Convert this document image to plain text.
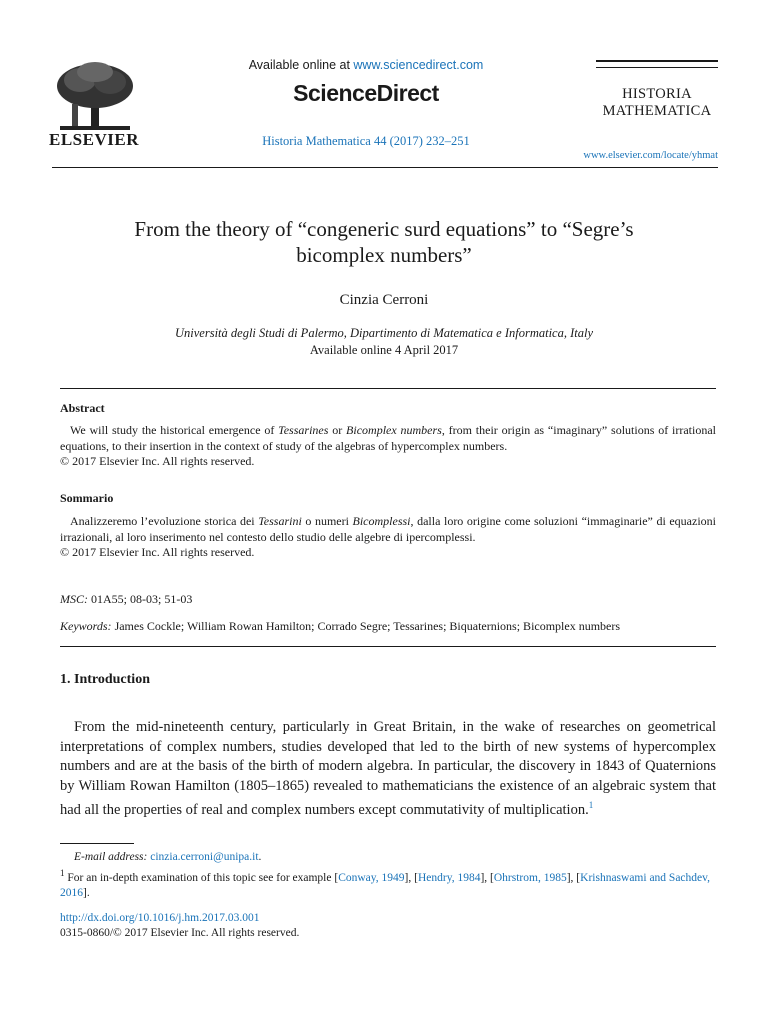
ELSEVIER
Available online at www.sciencedirect.com
ScienceDirect
Historia Mathematica 44 (2017) 232–251
HISTORIA
MATHEMATICA
www.elsevier.com/locate/yhmat
From the theory of “congeneric surd equations” to “Segre’s
bicomplex numbers”
Cinzia Cerroni
Università degli Studi di Palermo, Dipartimento di Matematica e Informatica, Italy
Available online 4 April 2017
Abstract
We will study the historical emergence of Tessarines or Bicomplex numbers, from their origin as “imaginary” solutions of irrational equations, to their insertion in the context of study of the algebras of hypercomplex numbers.
© 2017 Elsevier Inc. All rights reserved.
Sommario
Analizzeremo l’evoluzione storica dei Tessarini o numeri Bicomplessi, dalla loro origine come soluzioni “immaginarie” di equazioni irrazionali, al loro inserimento nel contesto dello studio delle algebre di ipercomplessi.
© 2017 Elsevier Inc. All rights reserved.
MSC: 01A55; 08-03; 51-03
Keywords: James Cockle; William Rowan Hamilton; Corrado Segre; Tessarines; Biquaternions; Bicomplex numbers
1. Introduction
From the mid-nineteenth century, particularly in Great Britain, in the wake of researches on geometrical interpretations of complex numbers, studies developed that led to the birth of new systems of hypercomplex numbers and are at the basis of the birth of modern algebra. In particular, the discovery in 1843 of Quaternions by William Rowan Hamilton (1805–1865) revealed to mathematicians the existence of an algebraic system that had all the properties of real and complex numbers except commutativity of multiplication.$^1$
E-mail address: cinzia.cerroni@unipa.it.
$^1$ For an in-depth examination of this topic see for example [Conway, 1949], [Hendry, 1984], [Ohrstrom, 1985], [Krishnaswami and Sachdev, 2016].
http://dx.doi.org/10.1016/j.hm.2017.03.001
0315-0860/© 2017 Elsevier Inc. All rights reserved.
